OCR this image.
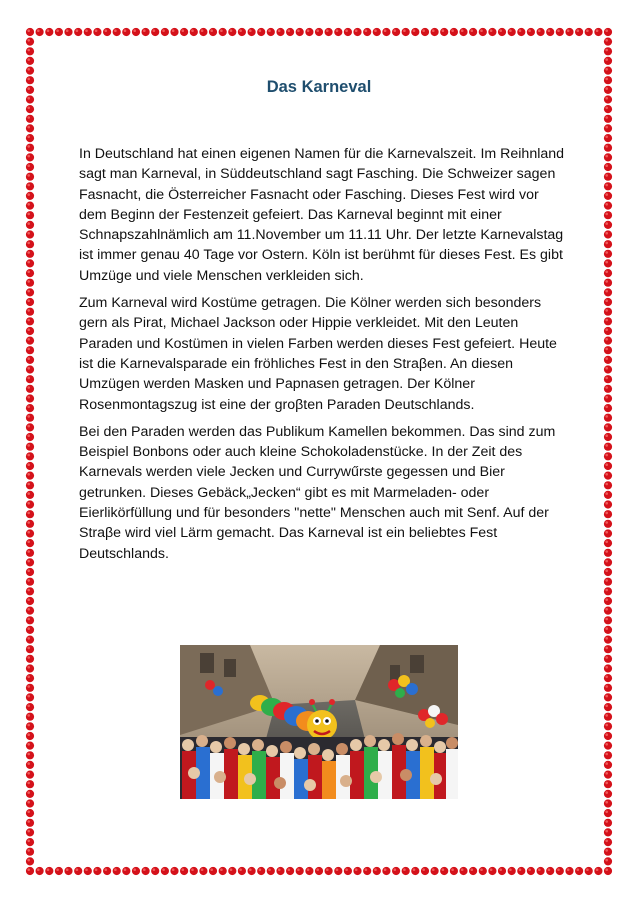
Das Karneval

In Deutschland hat einen eigenen Namen für die Karnevalszeit. Im Reihnland sagt man Karneval, in Süddeutschland sagt Fasching. Die Schweizer sagen Fasnacht, die Österreicher Fasnacht oder Fasching. Dieses Fest wird vor dem Beginn der Festenzeit gefeiert. Das Karneval beginnt mit einer Schnapszahlnämlich am 11.November um 11.11 Uhr. Der letzte Karnevalstag ist immer genau 40 Tage vor Ostern. Köln ist berühmt für dieses Fest. Es gibt Umzüge und viele Menschen verkleiden sich.

Zum Karneval wird Kostüme getragen. Die Kölner werden sich besonders gern als Pirat, Michael Jackson oder Hippie verkleidet. Mit den Leuten Paraden und Kostümen in vielen Farben werden dieses Fest gefeiert. Heute ist die Karnevalsparade ein fröhliches Fest in den Straβen. An diesen Umzügen werden Masken und Papnasen getragen. Der Kölner Rosenmontagszug ist eine der groβten Paraden Deutschlands.

Bei den Paraden werden das Publikum Kamellen bekommen. Das sind zum Beispiel Bonbons oder auch kleine Schokoladenstücke. In der Zeit des Karnevals werden viele Jecken und Currywűrste gegessen und Bier getrunken. Dieses Gebäck„Jecken“ gibt es mit Marmeladen- oder Eierlikörfüllung und für besonders "nette" Menschen auch mit Senf. Auf der Straβe wird viel Lärm gemacht. Das Karneval ist ein beliebtes Fest Deutschlands.
